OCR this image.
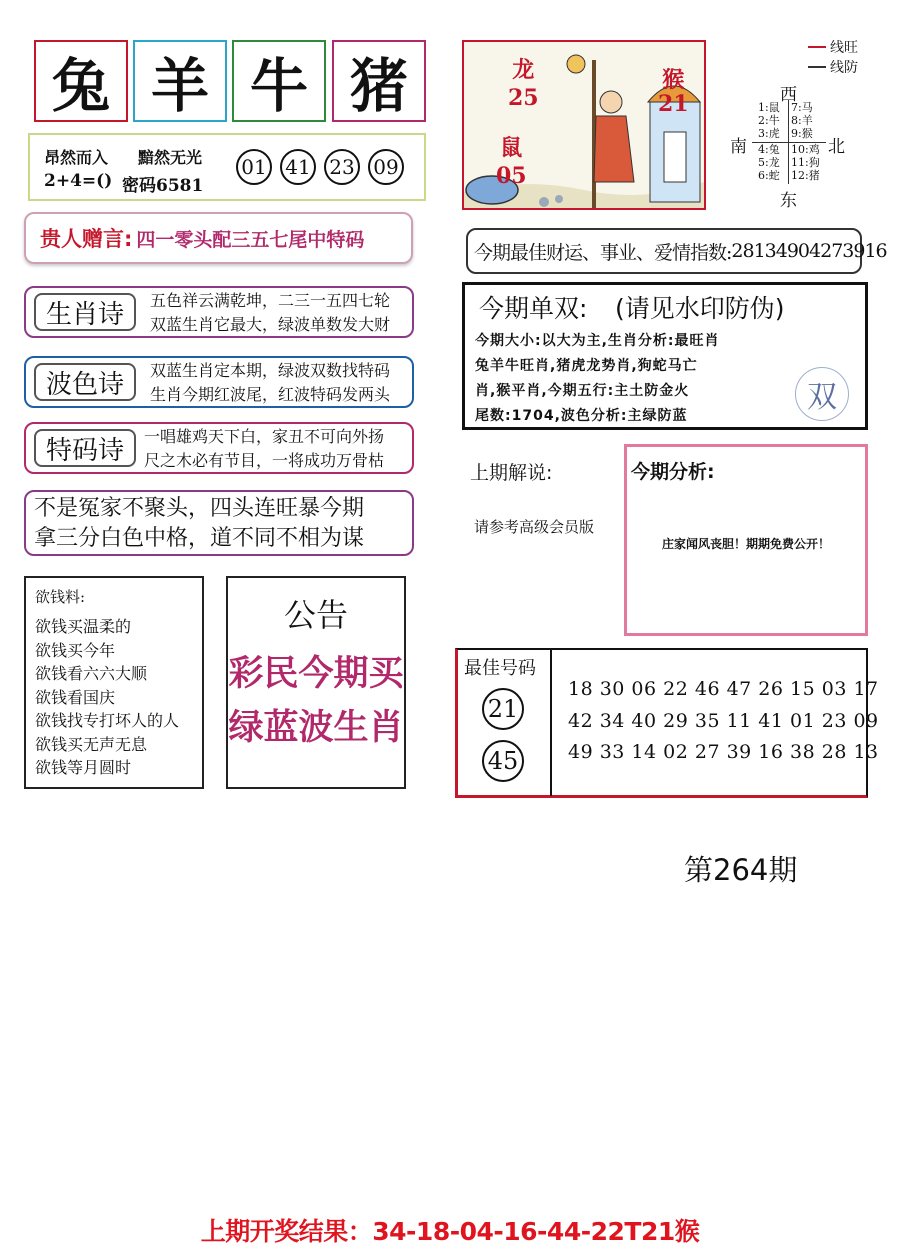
兔 羊 牛 猪
昂然而入 黯然无光
2+4=() 密码6581
01 41 23 09
贵人赠言: 四一零头配三五七尾中特码
生肖诗	五色祥云满乾坤，二三一五四七轮
双蓝生肖它最大，绿波单数发大财
波色诗	双蓝生肖定本期，绿波双数找特码
生肖今期红波尾，红波特码发两头
特码诗	一唱雄鸡天下白，家丑不可向外扬
尺之木必有节目，一将成功万骨枯
不是冤家不聚头，四头连旺暴今期
拿三分白色中格，道不同不相为谋
欲钱料:
欲钱买温柔的
欲钱买今年
欲钱看六六大顺
欲钱看国庆
欲钱找专打坏人的人
欲钱买无声无息
欲钱等月圆时
公告
彩民今期买
绿蓝波生肖
龙
25
鼠
05
猴
21
线旺
线防
西
南	北
东
1:鼠
2:牛
3:虎
4:兔
5:龙
6:蛇
7:马
8:羊
9:猴
10:鸡
11:狗
12:猪
今期最佳财运、事业、爱情指数: 28134904273916
今期单双: (请见水印防伪)
今期大小:以大为主,生肖分析:最旺肖
兔羊牛旺肖,猪虎龙势肖,狗蛇马亡
肖,猴平肖,今期五行:主土防金火
尾数:1704,波色分析:主绿防蓝
双
上期解说:
请参考高级会员版
今期分析:
庄家闻风丧胆！期期免费公开！
最佳号码
21
45
18 30 06 22 46 47 26 15 03 17
42 34 40 29 35 11 41 01 23 09
49 33 14 02 27 39 16 38 28 13
第264期
上期开奖结果：34-18-04-16-44-22T21猴
